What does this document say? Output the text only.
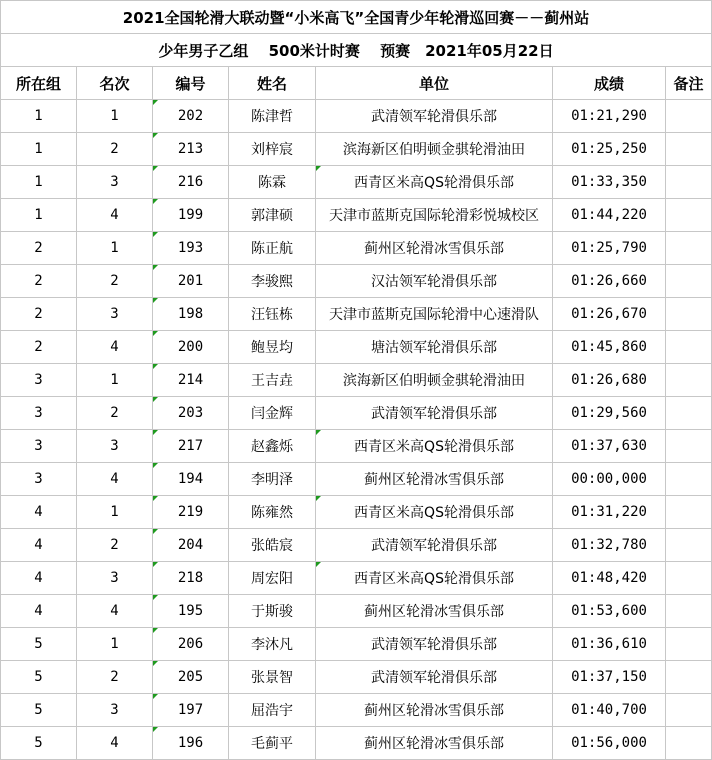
2021全国轮滑大联动暨“小米高飞”全国青少年轮滑巡回赛－－蓟州站						
少年男子乙组　 500米计时赛 　预赛　2021年05月22日						
所在组	名次	编号	姓名	单位	成绩	备注
1	1	202	陈津哲	武清领军轮滑俱乐部	01:21,290	
1	2	213	刘梓宸	滨海新区伯明顿金骐轮滑油田	01:25,250	
1	3	216	陈霖	西青区米高QS轮滑俱乐部	01:33,350	
1	4	199	郭津硕	天津市蓝斯克国际轮滑彩悦城校区	01:44,220	
2	1	193	陈正航	蓟州区轮滑冰雪俱乐部	01:25,790	
2	2	201	李骏熙	汉沽领军轮滑俱乐部	01:26,660	
2	3	198	汪钰栋	天津市蓝斯克国际轮滑中心速滑队	01:26,670	
2	4	200	鲍昱均	塘沽领军轮滑俱乐部	01:45,860	
3	1	214	王吉垚	滨海新区伯明顿金骐轮滑油田	01:26,680	
3	2	203	闫金辉	武清领军轮滑俱乐部	01:29,560	
3	3	217	赵鑫烁	西青区米高QS轮滑俱乐部	01:37,630	
3	4	194	李明泽	蓟州区轮滑冰雪俱乐部	00:00,000	
4	1	219	陈雍然	西青区米高QS轮滑俱乐部	01:31,220	
4	2	204	张皓宸	武清领军轮滑俱乐部	01:32,780	
4	3	218	周宏阳	西青区米高QS轮滑俱乐部	01:48,420	
4	4	195	于斯骏	蓟州区轮滑冰雪俱乐部	01:53,600	
5	1	206	李沐凡	武清领军轮滑俱乐部	01:36,610	
5	2	205	张景智	武清领军轮滑俱乐部	01:37,150	
5	3	197	屈浩宇	蓟州区轮滑冰雪俱乐部	01:40,700	
5	4	196	毛蓟平	蓟州区轮滑冰雪俱乐部	01:56,000	
